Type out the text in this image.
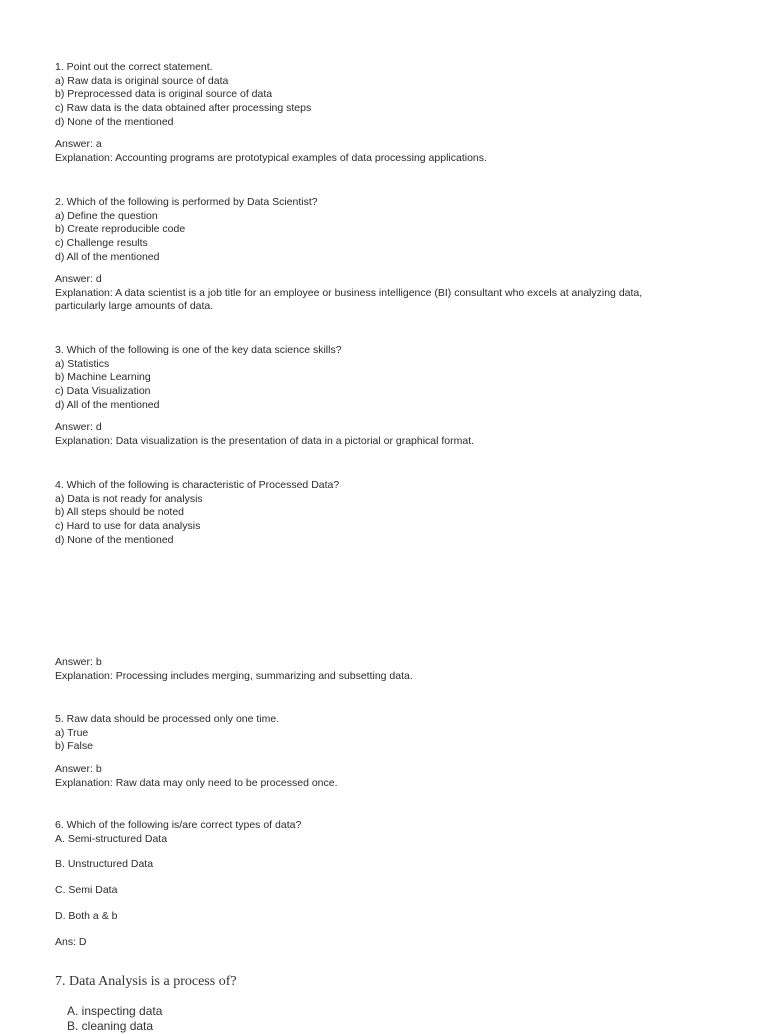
1. Point out the correct statement.
a) Raw data is original source of data
b) Preprocessed data is original source of data
c) Raw data is the data obtained after processing steps
d) None of the mentioned
Answer: a
Explanation: Accounting programs are prototypical examples of data processing applications.
2. Which of the following is performed by Data Scientist?
a) Define the question
b) Create reproducible code
c) Challenge results
d) All of the mentioned
Answer: d
Explanation: A data scientist is a job title for an employee or business intelligence (BI) consultant who excels at analyzing data,
particularly large amounts of data.
3. Which of the following is one of the key data science skills?
a) Statistics
b) Machine Learning
c) Data Visualization
d) All of the mentioned
Answer: d
Explanation: Data visualization is the presentation of data in a pictorial or graphical format.
4. Which of the following is characteristic of Processed Data?
a) Data is not ready for analysis
b) All steps should be noted
c) Hard to use for data analysis
d) None of the mentioned
Answer: b
Explanation: Processing includes merging, summarizing and subsetting data.
5. Raw data should be processed only one time.
a) True
b) False
Answer: b
Explanation: Raw data may only need to be processed once.
6. Which of the following is/are correct types of data?
A. Semi-structured Data
B. Unstructured Data
C. Semi Data
D. Both a & b
Ans: D
7. Data Analysis is a process of?
A. inspecting data
B. cleaning data
